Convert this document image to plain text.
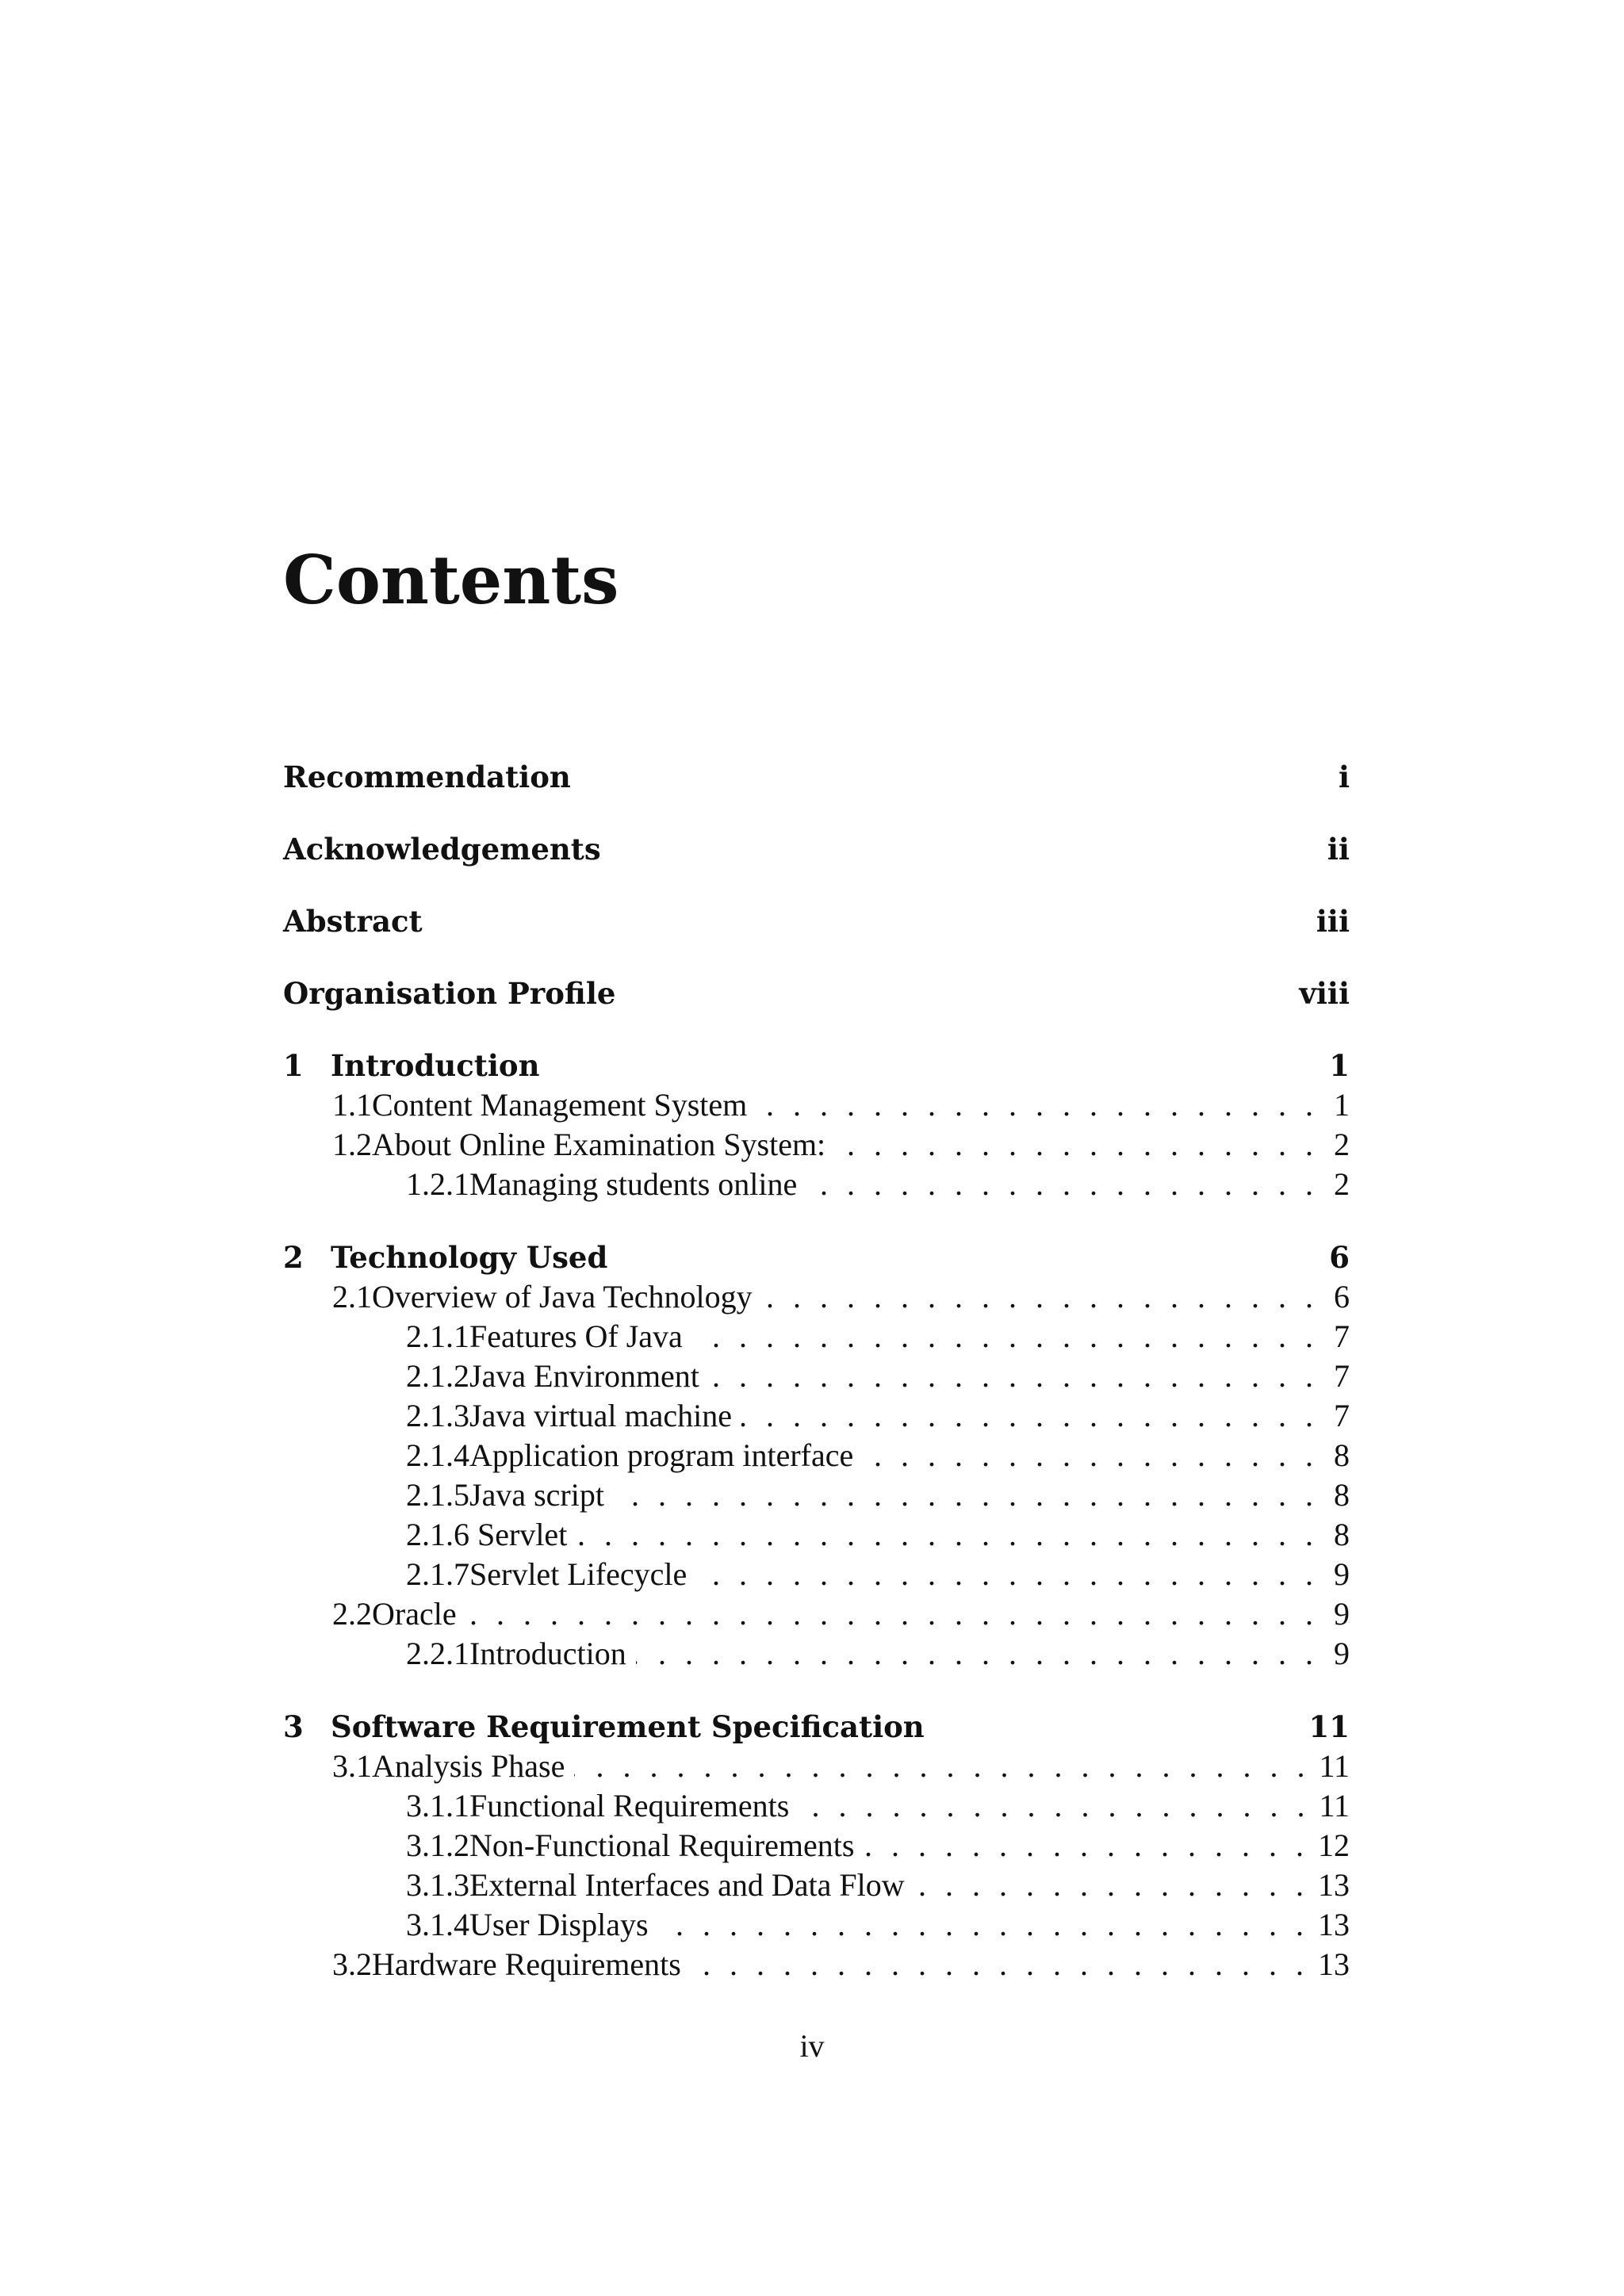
Contents
Recommendation	i
Acknowledgements	ii
Abstract	iii
Organisation Profile	viii
1 Introduction	1
1.1 Content Management System . . .	1
1.2 About Online Examination System: . . .	2
1.2.1 Managing students online . . .	2
2 Technology Used	6
2.1 Overview of Java Technology . . .	6
2.1.1 Features Of Java . . .	7
2.1.2 Java Environment . . .	7
2.1.3 Java virtual machine . . .	7
2.1.4 Application program interface . . .	8
2.1.5 Java script . . .	8
2.1.6 Servlet . . .	8
2.1.7 Servlet Lifecycle . . .	9
2.2 Oracle . . .	9
2.2.1 Introduction . . .	9
3 Software Requirement Specification	11
3.1 Analysis Phase . . .	11
3.1.1 Functional Requirements . . .	11
3.1.2 Non-Functional Requirements . . .	12
3.1.3 External Interfaces and Data Flow . . .	13
3.1.4 User Displays . . .	13
3.2 Hardware Requirements . . .	13
iv
